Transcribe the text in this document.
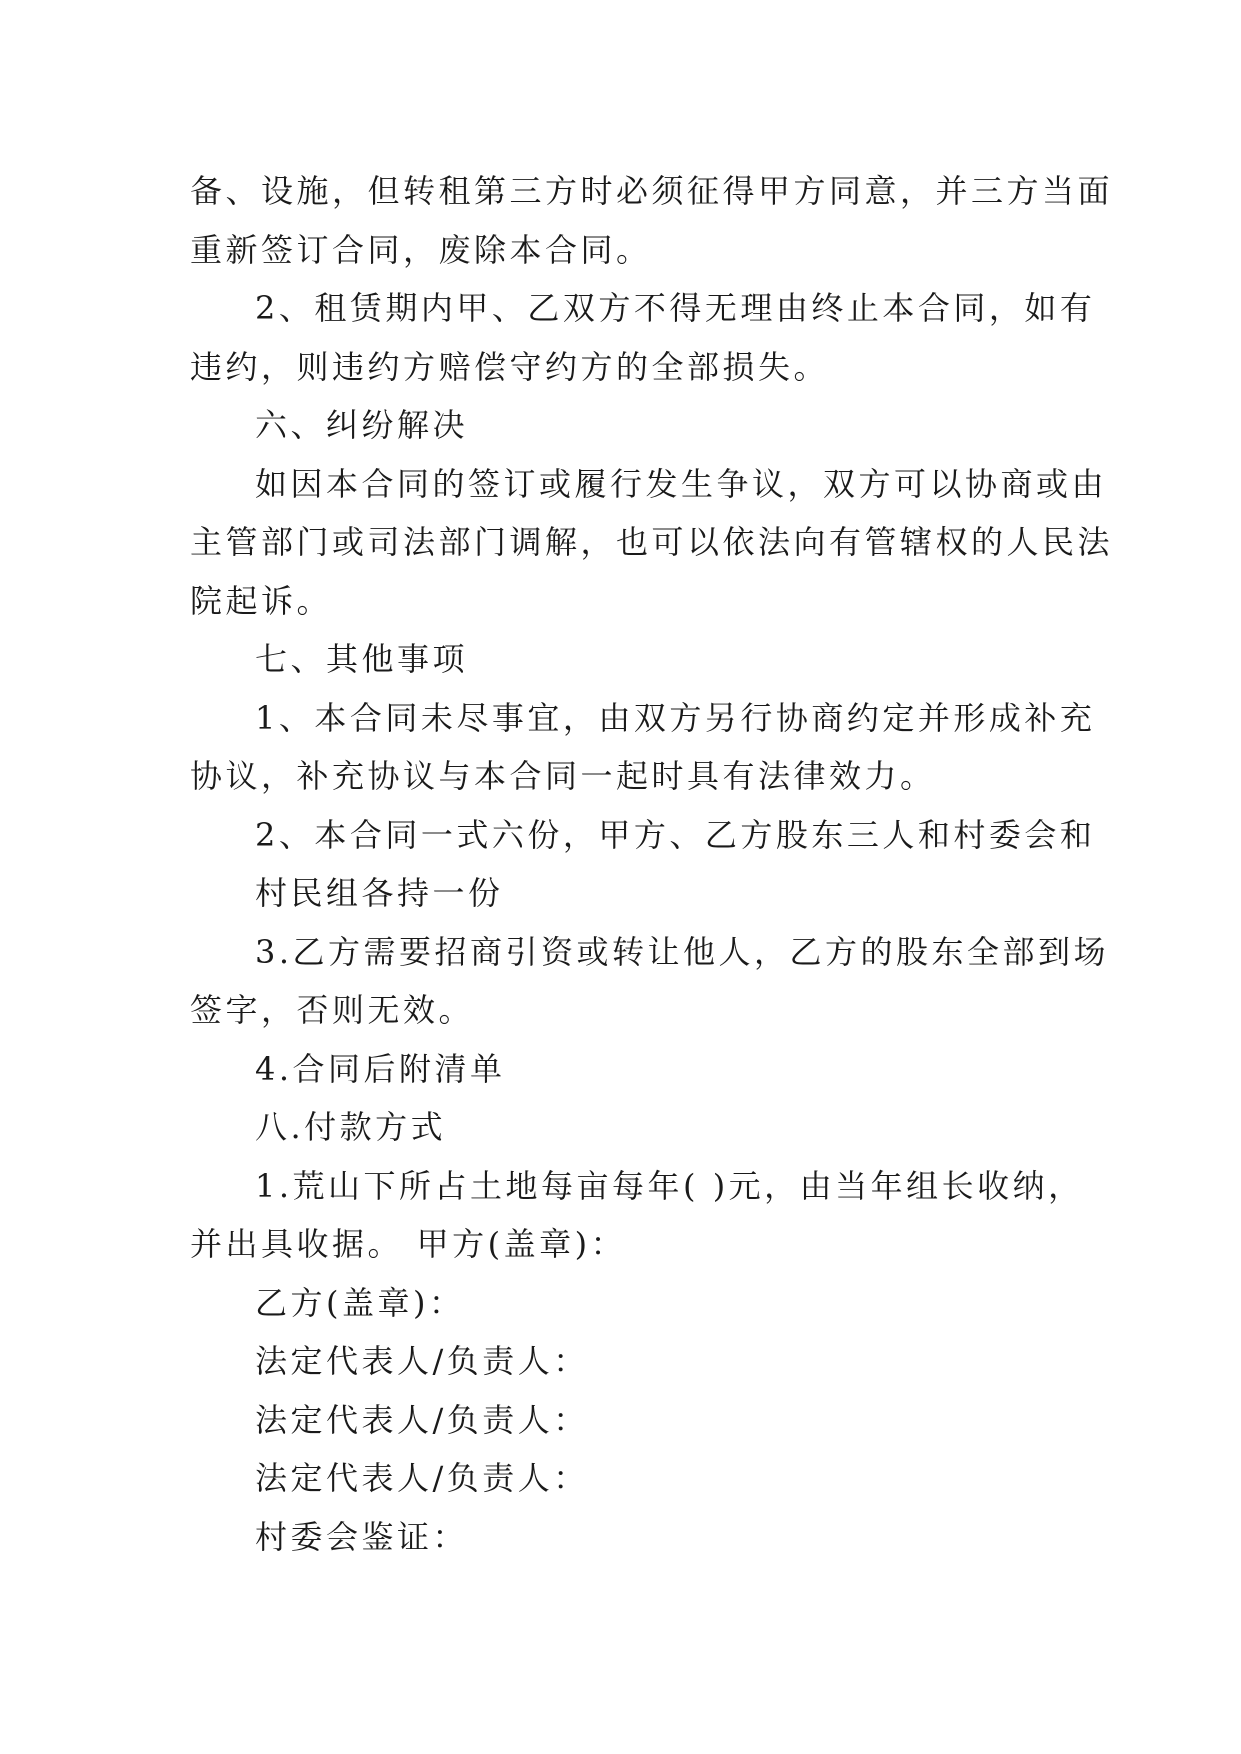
备、设施，但转租第三方时必须征得甲方同意，并三方当面
重新签订合同，废除本合同。
2、租赁期内甲、乙双方不得无理由终止本合同，如有
违约，则违约方赔偿守约方的全部损失。
六、纠纷解决
如因本合同的签订或履行发生争议，双方可以协商或由
主管部门或司法部门调解，也可以依法向有管辖权的人民法
院起诉。
七、其他事项
1、本合同未尽事宜，由双方另行协商约定并形成补充
协议，补充协议与本合同一起时具有法律效力。
2、本合同一式六份，甲方、乙方股东三人和村委会和
村民组各持一份
3.乙方需要招商引资或转让他人，乙方的股东全部到场
签字，否则无效。
4.合同后附清单
八.付款方式
1.荒山下所占土地每亩每年( )元，由当年组长收纳，
并出具收据。 甲方(盖章)：
乙方(盖章)：
法定代表人/负责人：
法定代表人/负责人：
法定代表人/负责人：
村委会鉴证：
